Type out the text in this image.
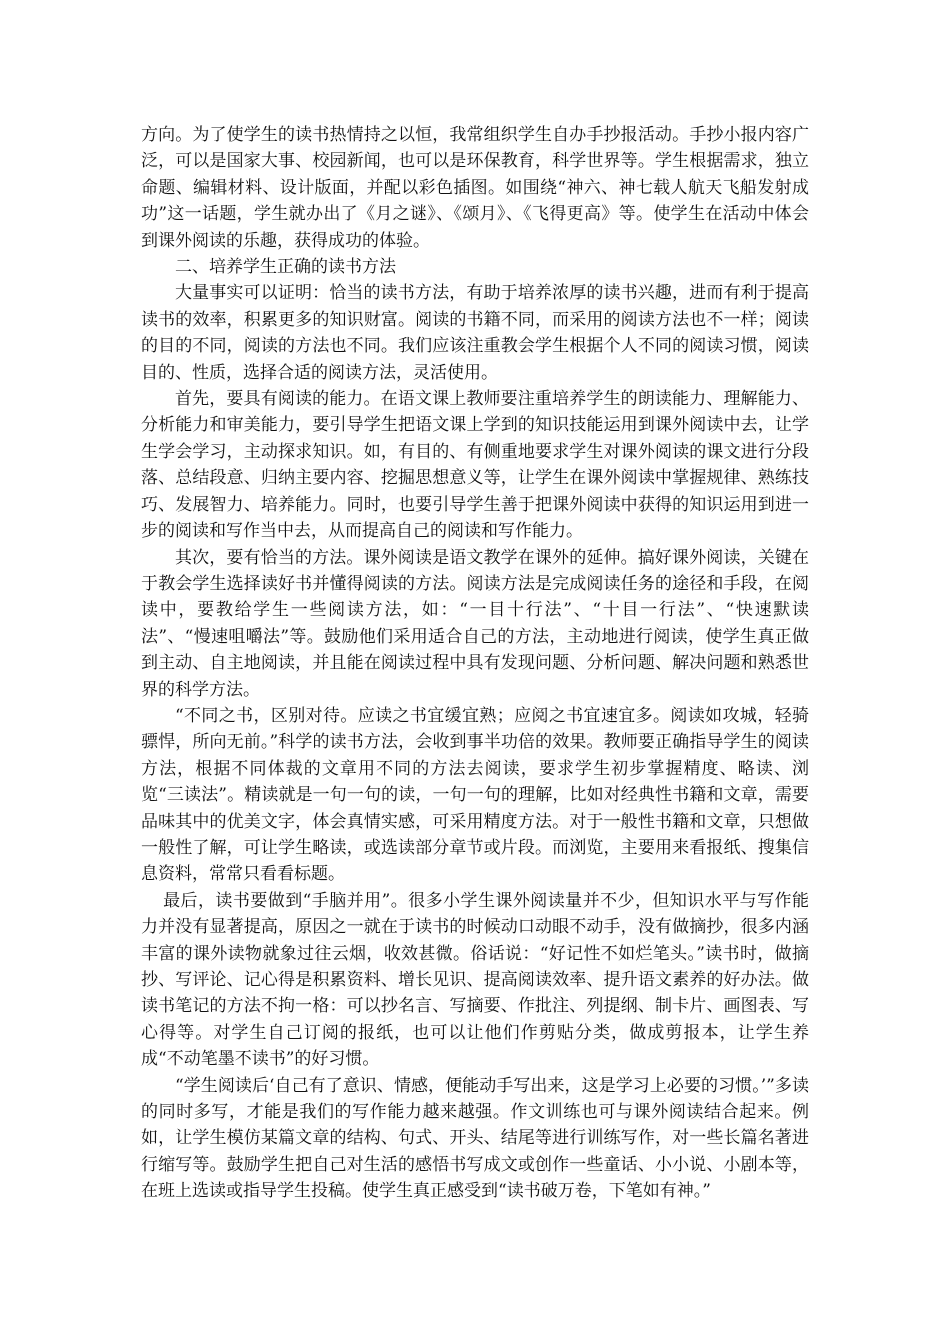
方向。为了使学生的读书热情持之以恒，我常组织学生自办手抄报活动。手抄小报内容广泛，可以是国家大事、校园新闻，也可以是环保教育，科学世界等。学生根据需求，独立命题、编辑材料、设计版面，并配以彩色插图。如围绕“神六、神七载人航天飞船发射成功”这一话题，学生就办出了《月之谜》、《颂月》、《飞得更高》等。使学生在活动中体会到课外阅读的乐趣，获得成功的体验。

二、培养学生正确的读书方法

大量事实可以证明：恰当的读书方法，有助于培养浓厚的读书兴趣，进而有利于提高读书的效率，积累更多的知识财富。阅读的书籍不同，而采用的阅读方法也不一样；阅读的目的不同，阅读的方法也不同。我们应该注重教会学生根据个人不同的阅读习惯，阅读目的、性质，选择合适的阅读方法，灵活使用。

首先，要具有阅读的能力。在语文课上教师要注重培养学生的朗读能力、理解能力、分析能力和审美能力，要引导学生把语文课上学到的知识技能运用到课外阅读中去，让学生学会学习，主动探求知识。如，有目的、有侧重地要求学生对课外阅读的课文进行分段落、总结段意、归纳主要内容、挖掘思想意义等，让学生在课外阅读中掌握规律、熟练技巧、发展智力、培养能力。同时，也要引导学生善于把课外阅读中获得的知识运用到进一步的阅读和写作当中去，从而提高自己的阅读和写作能力。

其次，要有恰当的方法。课外阅读是语文教学在课外的延伸。搞好课外阅读，关键在于教会学生选择读好书并懂得阅读的方法。阅读方法是完成阅读任务的途径和手段，在阅读中，要教给学生一些阅读方法，如：“一目十行法”、“十目一行法”、“快速默读法”、“慢速咀嚼法”等。鼓励他们采用适合自己的方法，主动地进行阅读，使学生真正做到主动、自主地阅读，并且能在阅读过程中具有发现问题、分析问题、解决问题和熟悉世界的科学方法。

“不同之书，区别对待。应读之书宜缓宜熟；应阅之书宜速宜多。阅读如攻城，轻骑骠悍，所向无前。”科学的读书方法，会收到事半功倍的效果。教师要正确指导学生的阅读方法，根据不同体裁的文章用不同的方法去阅读，要求学生初步掌握精度、略读、浏览“三读法”。精读就是一句一句的读，一句一句的理解，比如对经典性书籍和文章，需要品味其中的优美文字，体会真情实感，可采用精度方法。对于一般性书籍和文章，只想做一般性了解，可让学生略读，或选读部分章节或片段。而浏览，主要用来看报纸、搜集信息资料，常常只看看标题。

最后，读书要做到“手脑并用”。很多小学生课外阅读量并不少，但知识水平与写作能力并没有显著提高，原因之一就在于读书的时候动口动眼不动手，没有做摘抄，很多内涵丰富的课外读物就象过往云烟，收效甚微。俗话说：“好记性不如烂笔头。”读书时，做摘抄、写评论、记心得是积累资料、增长见识、提高阅读效率、提升语文素养的好办法。做读书笔记的方法不拘一格：可以抄名言、写摘要、作批注、列提纲、制卡片、画图表、写心得等。对学生自己订阅的报纸，也可以让他们作剪贴分类，做成剪报本，让学生养成“不动笔墨不读书”的好习惯。

“学生阅读后‘自己有了意识、情感，便能动手写出来，这是学习上必要的习惯。’”多读的同时多写，才能是我们的写作能力越来越强。作文训练也可与课外阅读结合起来。例如，让学生模仿某篇文章的结构、句式、开头、结尾等进行训练写作，对一些长篇名著进行缩写等。鼓励学生把自己对生活的感悟书写成文或创作一些童话、小小说、小剧本等，在班上选读或指导学生投稿。使学生真正感受到“读书破万卷，下笔如有神。”
